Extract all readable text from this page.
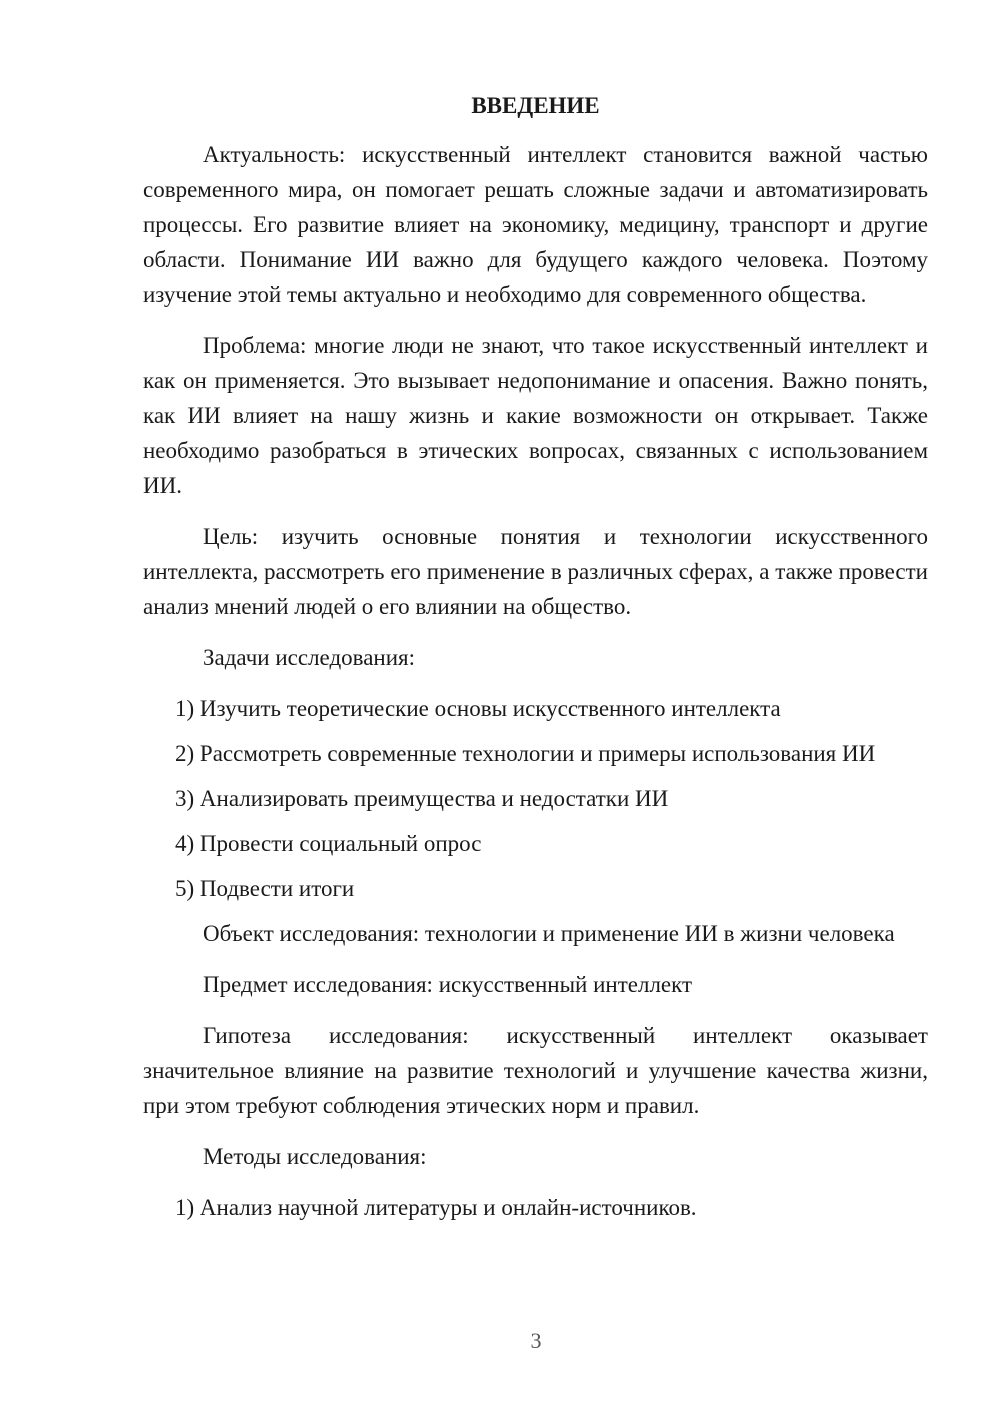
ВВЕДЕНИЕ

Актуальность: искусственный интеллект становится важной частью современного мира, он помогает решать сложные задачи и автоматизировать процессы. Его развитие влияет на экономику, медицину, транспорт и другие области. Понимание ИИ важно для будущего каждого человека. Поэтому изучение этой темы актуально и необходимо для современного общества.

Проблема: многие люди не знают, что такое искусственный интеллект и как он применяется. Это вызывает недопонимание и опасения. Важно понять, как ИИ влияет на нашу жизнь и какие возможности он открывает. Также необходимо разобраться в этических вопросах, связанных с использованием ИИ.

Цель: изучить основные понятия и технологии искусственного интеллекта, рассмотреть его применение в различных сферах, а также провести анализ мнений людей о его влиянии на общество.

Задачи исследования:

1) Изучить теоретические основы искусственного интеллекта

2) Рассмотреть современные технологии и примеры использования ИИ

3) Анализировать преимущества и недостатки ИИ

4) Провести социальный опрос

5) Подвести итоги

Объект исследования: технологии и применение ИИ в жизни человека

Предмет исследования: искусственный интеллект

Гипотеза исследования: искусственный интеллект оказывает значительное влияние на развитие технологий и улучшение качества жизни, при этом требуют соблюдения этических норм и правил.

Методы исследования:

1) Анализ научной литературы и онлайн-источников.

3
